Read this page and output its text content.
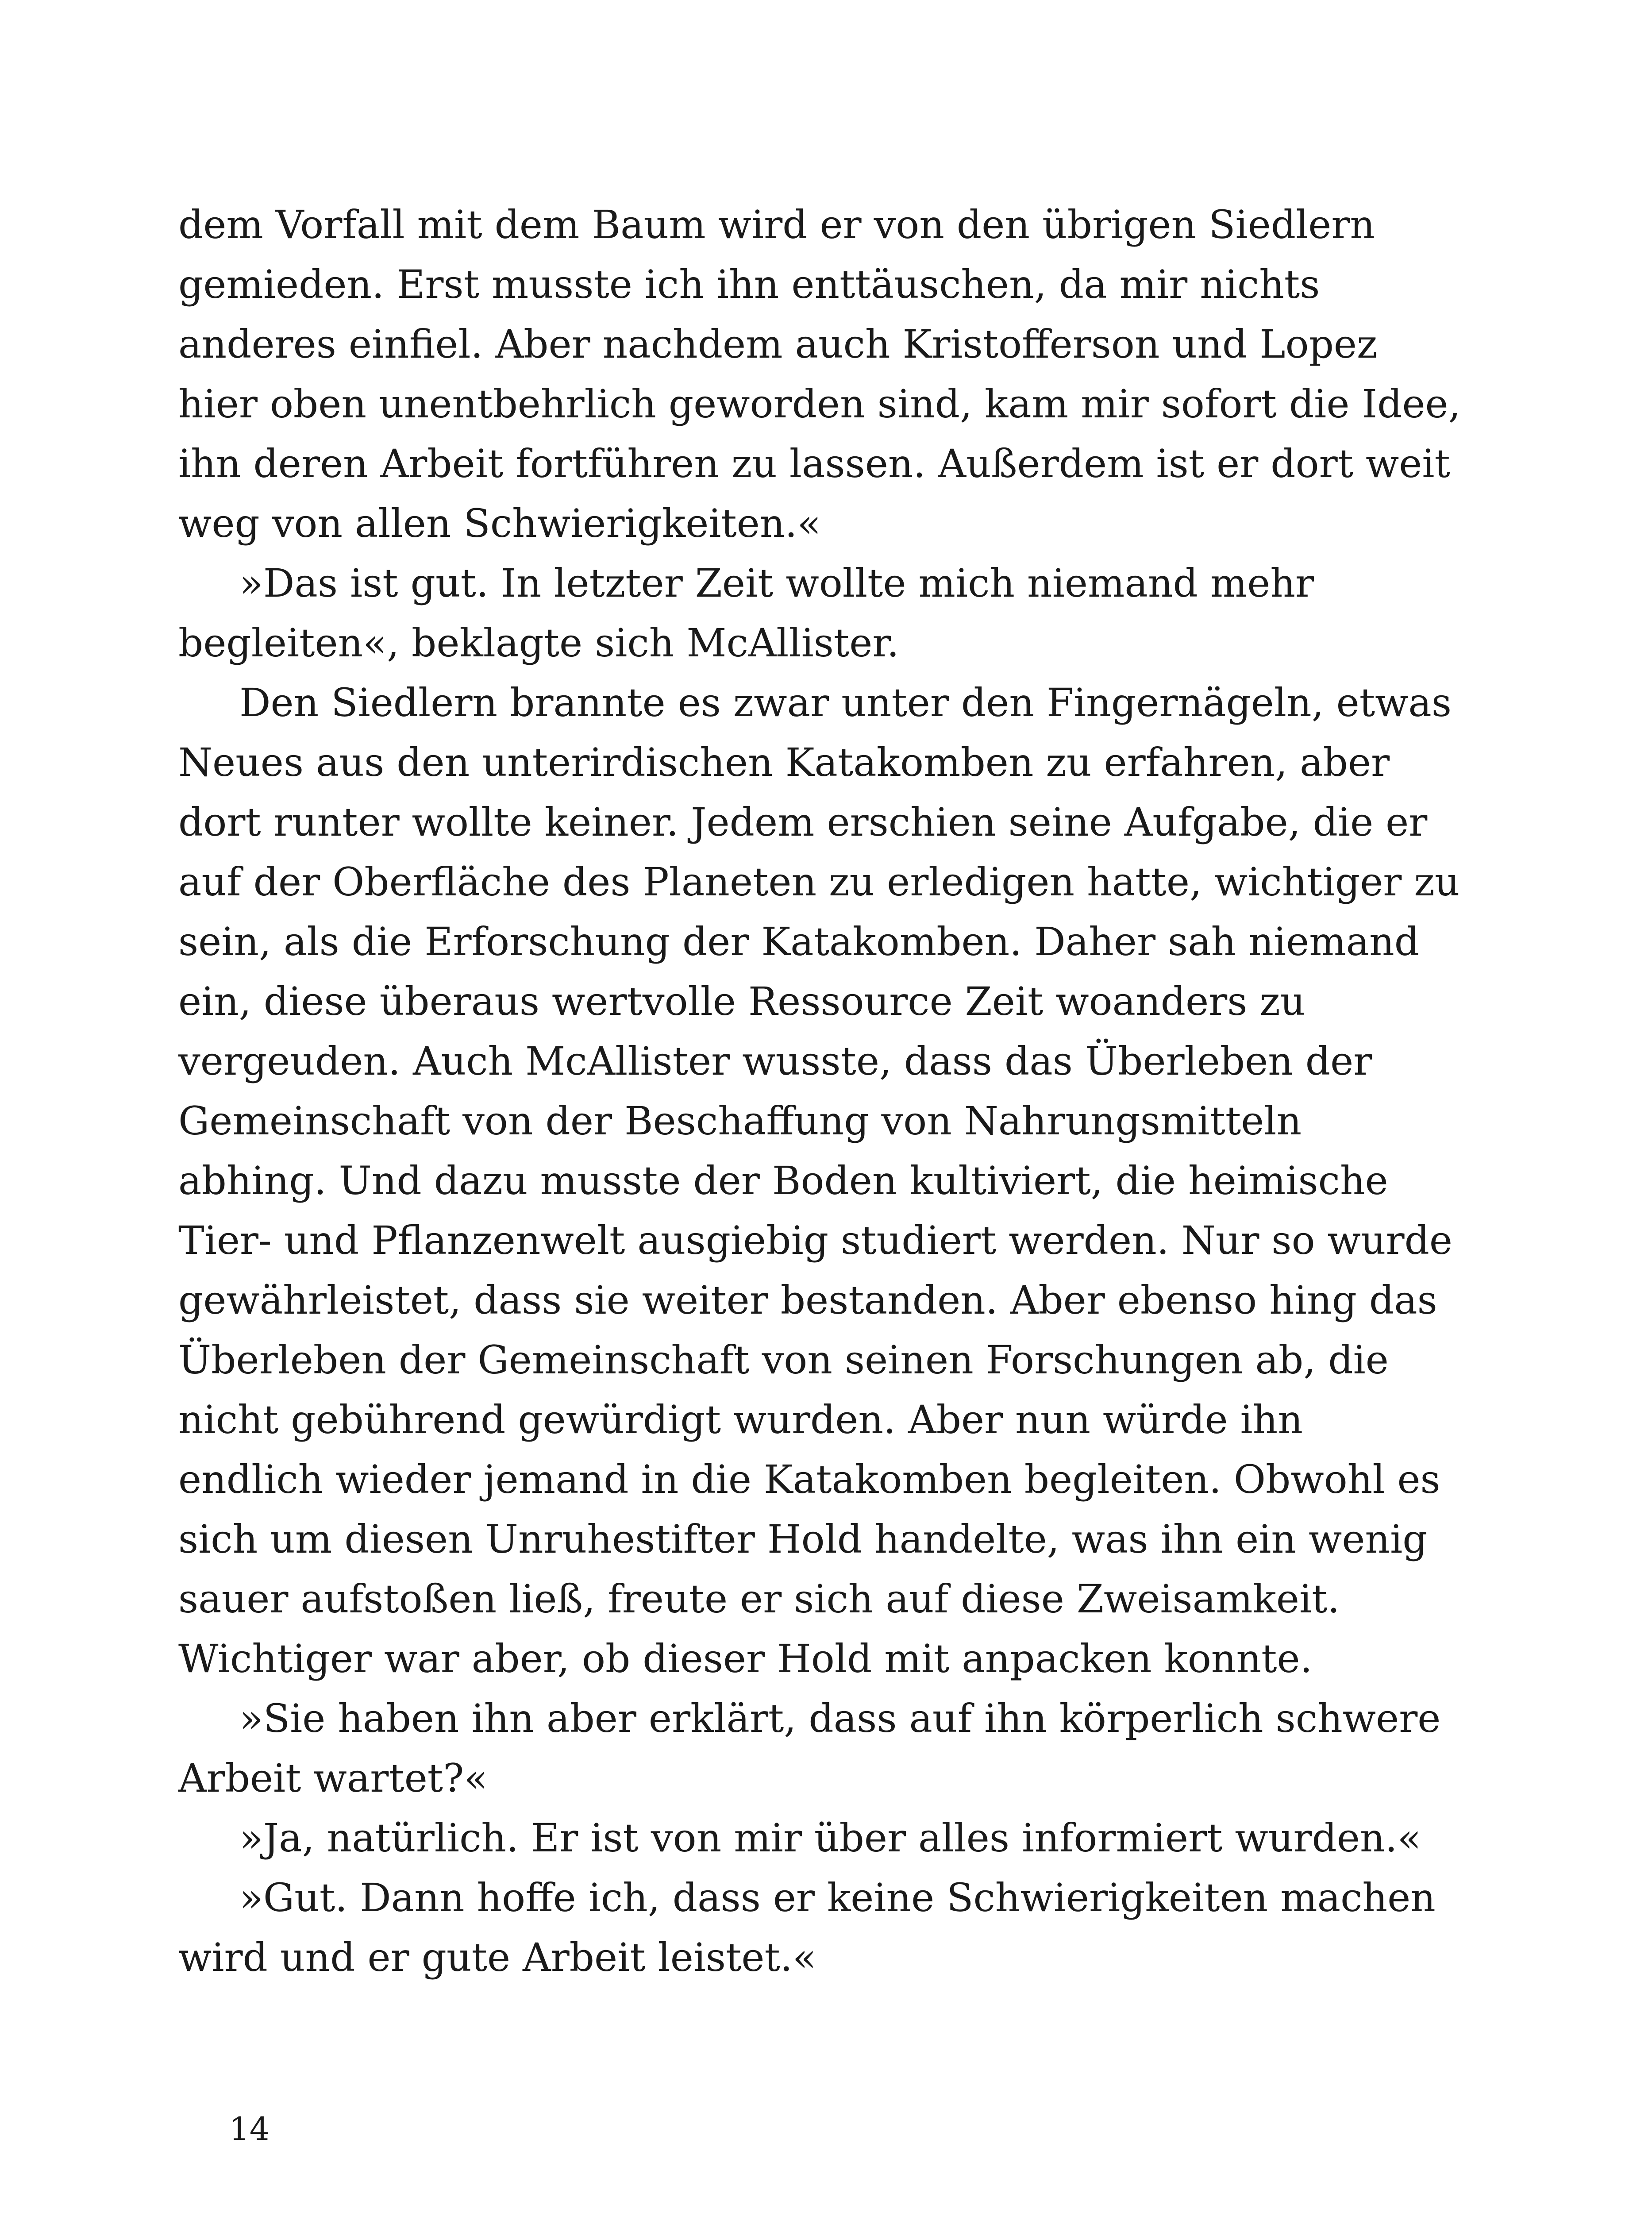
dem Vorfall mit dem Baum wird er von den übrigen Siedlern
gemieden. Erst musste ich ihn enttäuschen, da mir nichts
anderes einfiel. Aber nachdem auch Kristofferson und Lopez
hier oben unentbehrlich geworden sind, kam mir sofort die Idee,
ihn deren Arbeit fortführen zu lassen. Außerdem ist er dort weit
weg von allen Schwierigkeiten.«
»Das ist gut. In letzter Zeit wollte mich niemand mehr
begleiten«, beklagte sich McAllister.
Den Siedlern brannte es zwar unter den Fingernägeln, etwas
Neues aus den unterirdischen Katakomben zu erfahren, aber
dort runter wollte keiner. Jedem erschien seine Aufgabe, die er
auf der Oberfläche des Planeten zu erledigen hatte, wichtiger zu
sein, als die Erforschung der Katakomben. Daher sah niemand
ein, diese überaus wertvolle Ressource Zeit woanders zu
vergeuden. Auch McAllister wusste, dass das Überleben der
Gemeinschaft von der Beschaffung von Nahrungsmitteln
abhing. Und dazu musste der Boden kultiviert, die heimische
Tier- und Pflanzenwelt ausgiebig studiert werden. Nur so wurde
gewährleistet, dass sie weiter bestanden. Aber ebenso hing das
Überleben der Gemeinschaft von seinen Forschungen ab, die
nicht gebührend gewürdigt wurden. Aber nun würde ihn
endlich wieder jemand in die Katakomben begleiten. Obwohl es
sich um diesen Unruhestifter Hold handelte, was ihn ein wenig
sauer aufstoßen ließ, freute er sich auf diese Zweisamkeit.
Wichtiger war aber, ob dieser Hold mit anpacken konnte.
»Sie haben ihn aber erklärt, dass auf ihn körperlich schwere
Arbeit wartet?«
»Ja, natürlich. Er ist von mir über alles informiert wurden.«
»Gut. Dann hoffe ich, dass er keine Schwierigkeiten machen
wird und er gute Arbeit leistet.«
14
